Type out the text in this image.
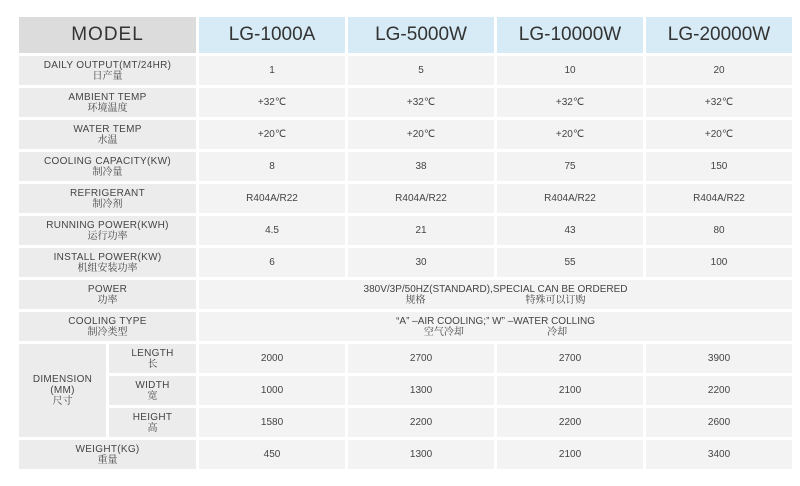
MODEL		LG-1000A	LG-5000W	LG-10000W	LG-20000W

DAILY OUTPUT(MT/24HR)
日产量		1	5	10	20

AMBIENT TEMP
环境温度		+32℃	+32℃	+32℃	+32℃

WATER TEMP
水温		+20℃	+20℃	+20℃	+20℃

COOLING CAPACITY(KW)
制冷量		8	38	75	150

REFRIGERANT
制冷剂		R404A/R22	R404A/R22	R404A/R22	R404A/R22

RUNNING POWER(KWH)
运行功率		4.5	21	43	80

INSTALL POWER(KW)
机组安装功率		6	30	55	100

POWER
功率		380V/3P/50HZ(STANDARD),SPECIAL CAN BE ORDERED
规格                                    特殊可以订购			

COOLING TYPE
制冷类型		“A” –AIR COOLING;” W” –WATER COLLING
空气冷却                              冷却			

DIMENSION
(MM)
尺寸	LENGTH
长	2000	2700	2700	3900

	WIDTH
宽	1000	1300	2100	2200

	HEIGHT
高	1580	2200	2200	2600

WEIGHT(KG)
重量		450	1300	2100	3400
